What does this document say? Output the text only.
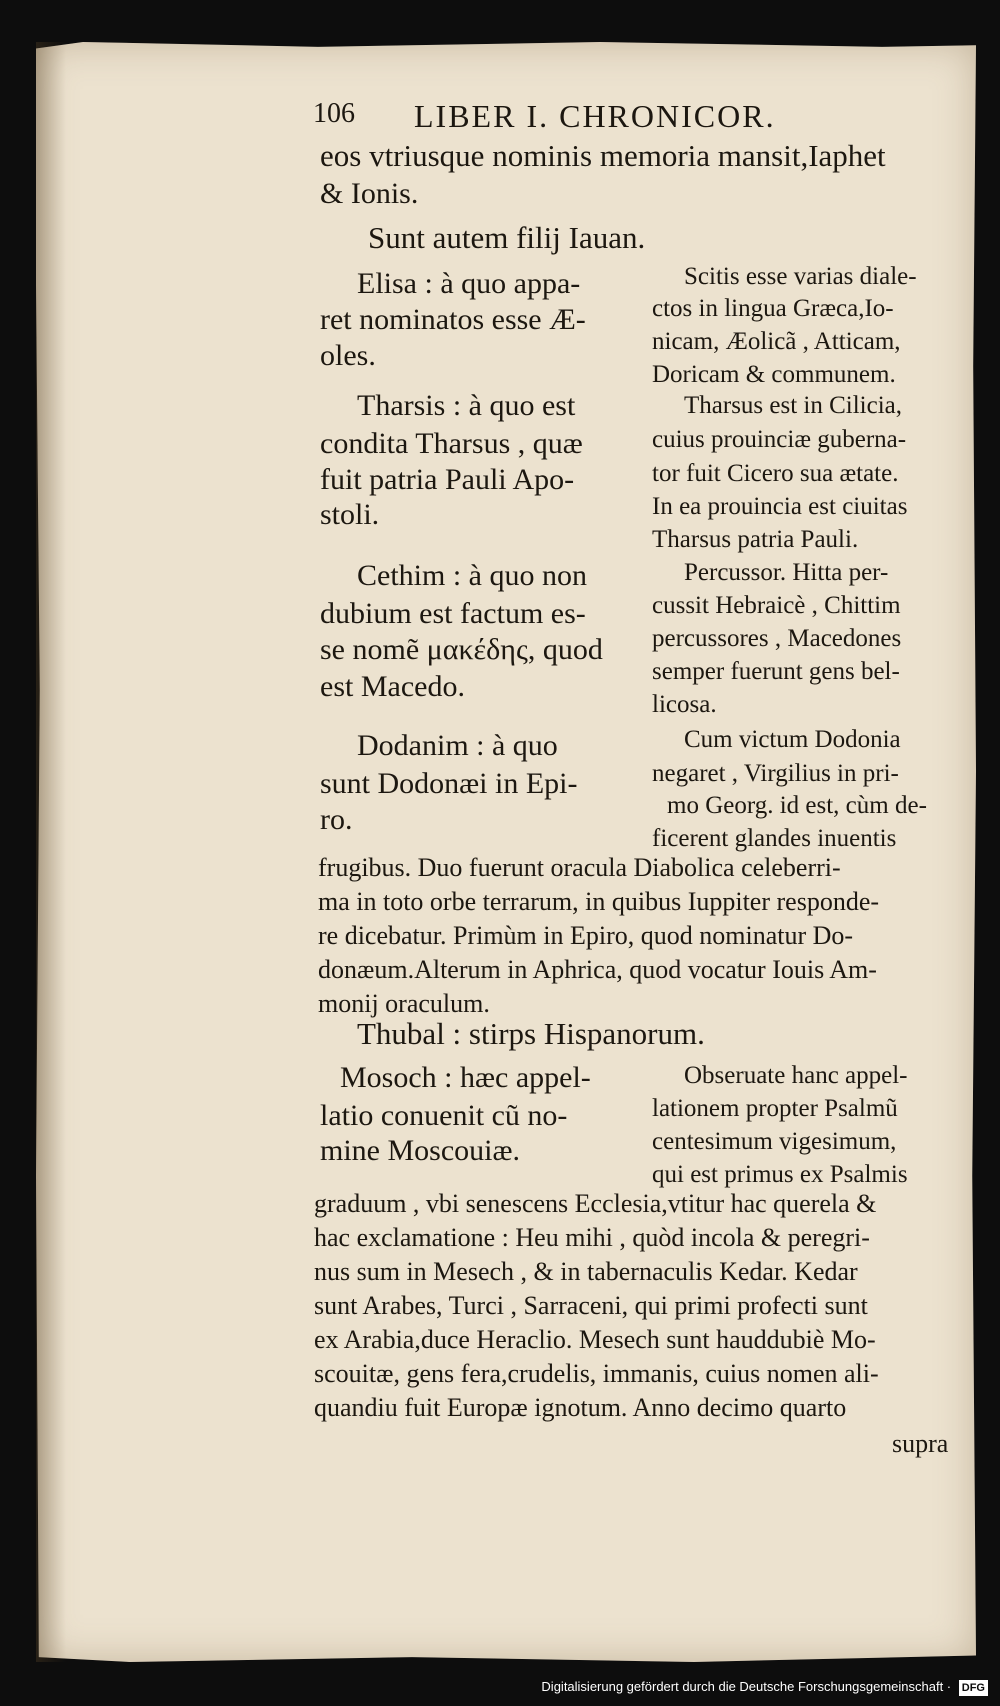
106 LIBER I. CHRONICOR.
eos vtriusque nominis memoria mansit,Iaphet
& Ionis.
Sunt autem filij Iauan.
Elisa : à quo appa-
ret nominatos esse Æ-
oles.
Scitis esse varias diale-
ctos in lingua Græca,Io-
nicam, Æolicã , Atticam,
Doricam & communem.
Tharsis : à quo est
condita Tharsus , quæ
fuit patria Pauli Apo-
stoli.
Tharsus est in Cilicia,
cuius prouinciæ guberna-
tor fuit Cicero sua ætate.
In ea prouincia est ciuitas
Tharsus patria Pauli.
Cethim : à quo non
dubium est factum es-
se nomẽ μακέδης, quod
est Macedo.
Percussor. Hitta per-
cussit Hebraicè , Chittim
percussores , Macedones
semper fuerunt gens bel-
licosa.
Dodanim : à quo
sunt Dodonæi in Epi-
ro.
Cum victum Dodonia
negaret , Virgilius in pri-
mo Georg. id est, cùm de-
ficerent glandes inuentis
frugibus. Duo fuerunt oracula Diabolica celeberri-
ma in toto orbe terrarum, in quibus Iuppiter responde-
re dicebatur. Primùm in Epiro, quod nominatur Do-
donæum.Alterum in Aphrica, quod vocatur Iouis Am-
monij oraculum.
Thubal : stirps Hispanorum.
Mosoch : hæc appel-
latio conuenit cũ no-
mine Moscouiæ.
Obseruate hanc appel-
lationem propter Psalmũ
centesimum vigesimum,
qui est primus ex Psalmis
graduum , vbi senescens Ecclesia,vtitur hac querela &
hac exclamatione : Heu mihi , quòd incola & peregri-
nus sum in Mesech , & in tabernaculis Kedar. Kedar
sunt Arabes, Turci , Sarraceni, qui primi profecti sunt
ex Arabia,duce Heraclio. Mesech sunt hauddubiè Mo-
scouitæ, gens fera,crudelis, immanis, cuius nomen ali-
quandiu fuit Europæ ignotum. Anno decimo quarto
supra
Digitalisierung gefördert durch die Deutsche Forschungsgemeinschaft · DFG
